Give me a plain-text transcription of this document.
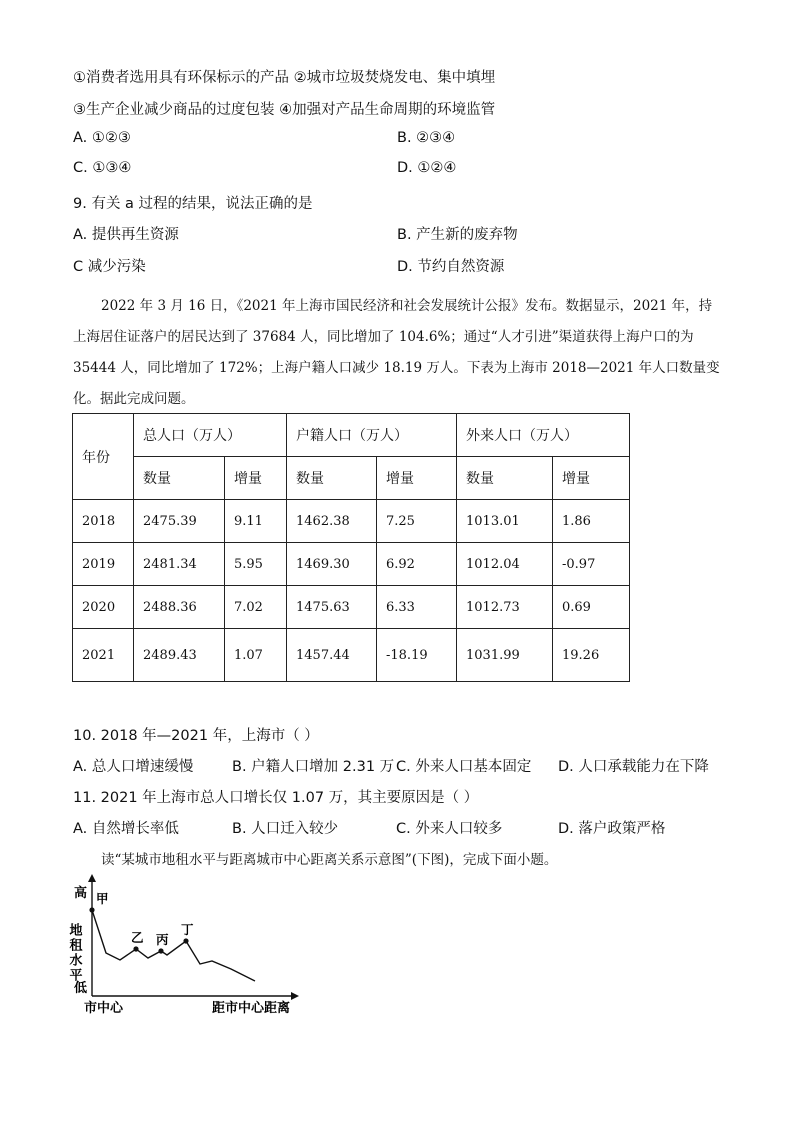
①消费者选用具有环保标示的产品 ②城市垃圾焚烧发电、集中填埋
③生产企业减少商品的过度包装 ④加强对产品生命周期的环境监管
A. ①②③	B. ②③④
C. ①③④	D. ①②④
9. 有关 a 过程的结果，说法正确的是
A. 提供再生资源	B. 产生新的废弃物
C 减少污染	D. 节约自然资源

2022 年 3 月 16 日，《2021 年上海市国民经济和社会发展统计公报》发布。数据显示，2021 年，持上海居住证落户的居民达到了 37684 人，同比增加了 104.6%；通过“人才引进”渠道获得上海户口的为 35444 人，同比增加了 172%；上海户籍人口减少 18.19 万人。下表为上海市 2018—2021 年人口数量变化。据此完成问题。

年份	总人口（万人）		户籍人口（万人）		外来人口（万人）	
	数量	增量	数量	增量	数量	增量
2018	2475.39	9.11	1462.38	7.25	1013.01	1.86
2019	2481.34	5.95	1469.30	6.92	1012.04	-0.97
2020	2488.36	7.02	1475.63	6.33	1012.73	0.69
2021	2489.43	1.07	1457.44	-18.19	1031.99	19.26
10. 2018 年—2021 年，上海市（ ）
A. 总人口增速缓慢	B. 户籍人口增加 2.31 万 C. 外来人口基本固定 D. 人口承载能力在下降
11. 2021 年上海市总人口增长仅 1.07 万，其主要原因是（ ）
A. 自然增长率低	B. 人口迁入较少	C. 外来人口较多	D. 落户政策严格
读“某城市地租水平与距离城市中心距离关系示意图”(下图)，完成下面小题。
高
地租水平
低
市中心	距市中心距离
甲
乙 丙
丁
